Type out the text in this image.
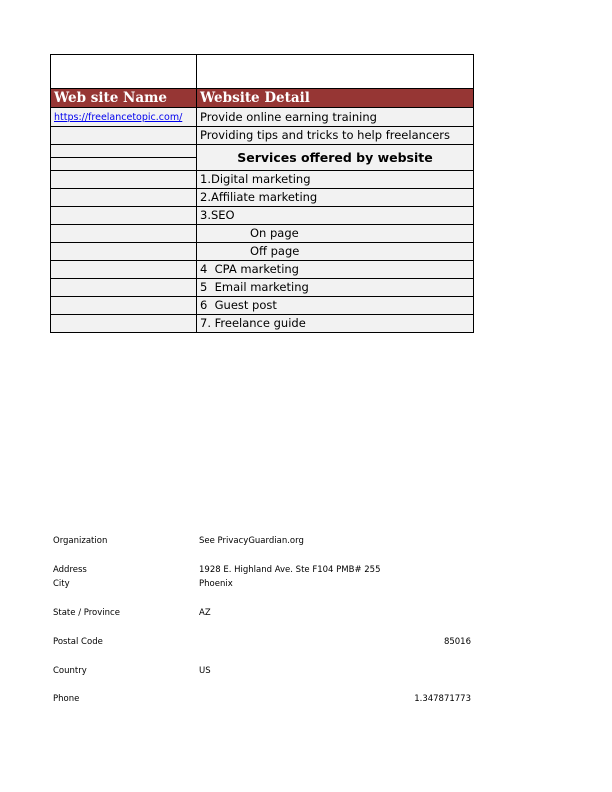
Web site Name	Website Detail
https://freelancetopic.com/	Provide online earning training
	Providing tips and tricks to help freelancers
	Services offered by website

	1.Digital marketing
	2.Affiliate marketing
	3.SEO
	On page
	Off page
	4  CPA marketing
	5  Email marketing
	6  Guest post
	7. Freelance guide
Organization	See PrivacyGuardian.org
Address	1928 E. Highland Ave. Ste F104 PMB# 255
City	Phoenix
State / Province	AZ
Postal Code	85016
Country	US
Phone	1.347871773
